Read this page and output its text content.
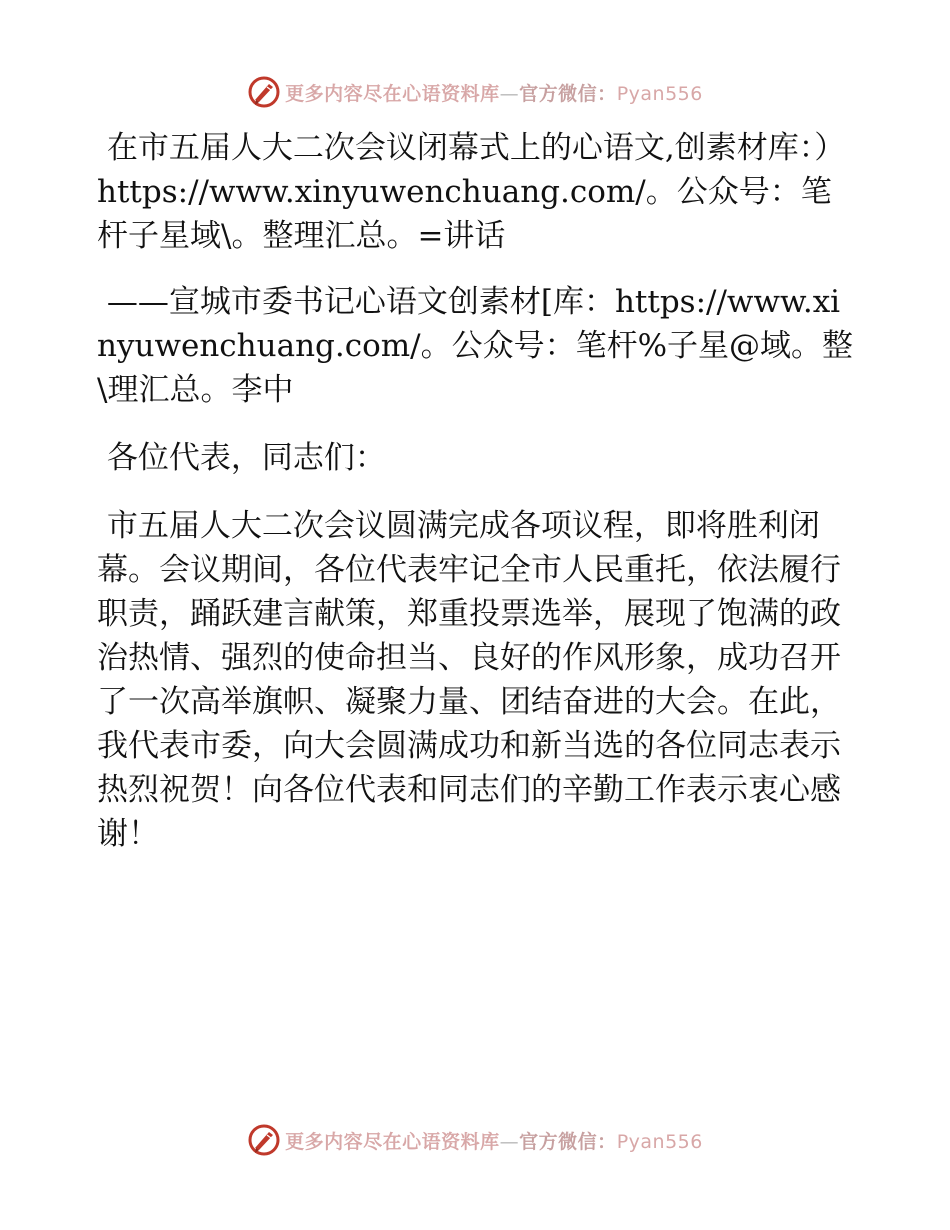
更多内容尽在心语资料库—官方微信：Pyan556

在市五届人大二次会议闭幕式上的心语文,创素材库：）https://www.xinyuwenchuang.com/。公众号：笔杆子星域\。整理汇总。=讲话

——宣城市委书记心语文创素材[库：https://www.xinyuwenchuang.com/。公众号：笔杆%子星@域。整\理汇总。李中

各位代表，同志们：

市五届人大二次会议圆满完成各项议程，即将胜利闭幕。会议期间，各位代表牢记全市人民重托，依法履行职责，踊跃建言献策，郑重投票选举，展现了饱满的政治热情、强烈的使命担当、良好的作风形象，成功召开了一次高举旗帜、凝聚力量、团结奋进的大会。在此，我代表市委，向大会圆满成功和新当选的各位同志表示热烈祝贺！向各位代表和同志们的辛勤工作表示衷心感谢！

更多内容尽在心语资料库—官方微信：Pyan556
